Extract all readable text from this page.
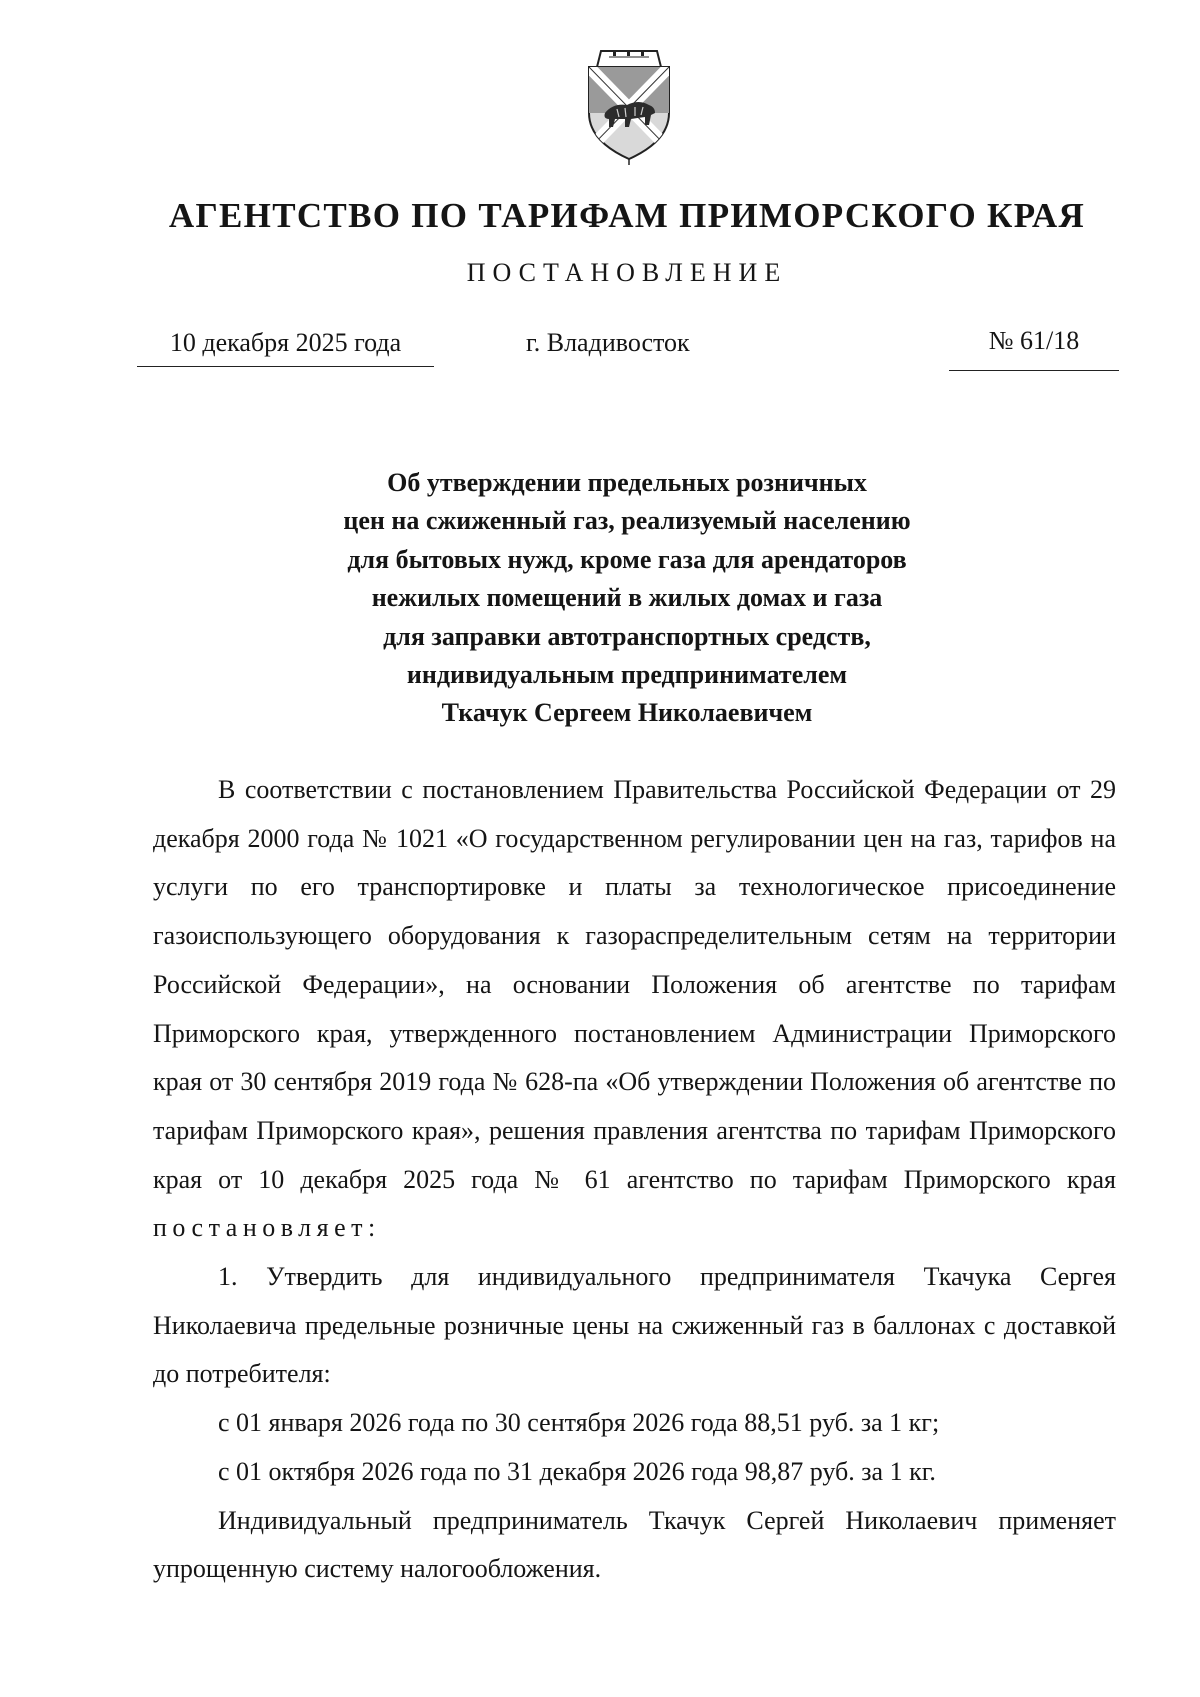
АГЕНТСТВО ПО ТАРИФАМ ПРИМОРСКОГО КРАЯ
ПОСТАНОВЛЕНИЕ
10 декабря 2025 года	г. Владивосток	№ 61/18
Об утверждении предельных розничных
цен на сжиженный газ, реализуемый населению
для бытовых нужд, кроме газа для арендаторов
нежилых помещений в жилых домах и газа
для заправки автотранспортных средств,
индивидуальным предпринимателем
Ткачук Сергеем Николаевичем

В соответствии с постановлением Правительства Российской Федерации от 29 декабря 2000 года № 1021 «О государственном регулировании цен на газ, тарифов на услуги по его транспортировке и платы за технологическое присоединение газоиспользующего оборудования к газораспределительным сетям на территории Российской Федерации», на основании Положения об агентстве по тарифам Приморского края, утвержденного постановлением Администрации Приморского края от 30 сентября 2019 года № 628-па «Об утверждении Положения об агентстве по тарифам Приморского края», решения правления агентства по тарифам Приморского края от 10 декабря 2025 года № 61 агентство по тарифам Приморского края постановляет:

1. Утвердить для индивидуального предпринимателя Ткачука Сергея Николаевича предельные розничные цены на сжиженный газ в баллонах с доставкой до потребителя:

с 01 января 2026 года по 30 сентября 2026 года 88,51 руб. за 1 кг;

с 01 октября 2026 года по 31 декабря 2026 года 98,87 руб. за 1 кг.

Индивидуальный предприниматель Ткачук Сергей Николаевич применяет упрощенную систему налогообложения.
